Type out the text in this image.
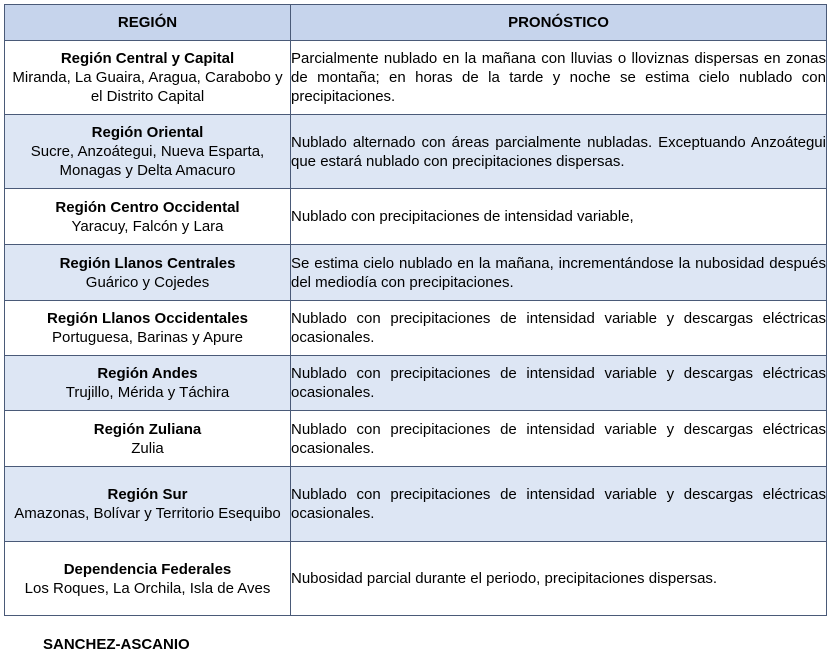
REGIÓN	PRONÓSTICO

Región Central y Capital
Miranda, La Guaira, Aragua, Carabobo y el Distrito Capital	Parcialmente nublado en la mañana con lluvias o lloviznas dispersas en zonas de montaña; en horas de la tarde y noche se estima cielo nublado con precipitaciones.

Región Oriental
Sucre, Anzoátegui, Nueva Esparta, Monagas y Delta Amacuro	Nublado alternado con áreas parcialmente nubladas. Exceptuando Anzoátegui que estará nublado con precipitaciones dispersas.

Región Centro Occidental
Yaracuy, Falcón y Lara	Nublado con precipitaciones de intensidad variable,

Región Llanos Centrales
Guárico y Cojedes	Se estima cielo nublado en la mañana, incrementándose la nubosidad después del mediodía con precipitaciones.

Región Llanos Occidentales
Portuguesa, Barinas y Apure	Nublado con precipitaciones de intensidad variable y descargas eléctricas ocasionales.

Región Andes
Trujillo, Mérida y Táchira	Nublado con precipitaciones de intensidad variable y descargas eléctricas ocasionales.

Región Zuliana
Zulia	Nublado con precipitaciones de intensidad variable y descargas eléctricas ocasionales.

Región Sur
Amazonas, Bolívar y Territorio Esequibo	Nublado con precipitaciones de intensidad variable y descargas eléctricas ocasionales.

Dependencia Federales
Los Roques, La Orchila, Isla de Aves	Nubosidad parcial durante el periodo, precipitaciones dispersas.
SANCHEZ-ASCANIO
